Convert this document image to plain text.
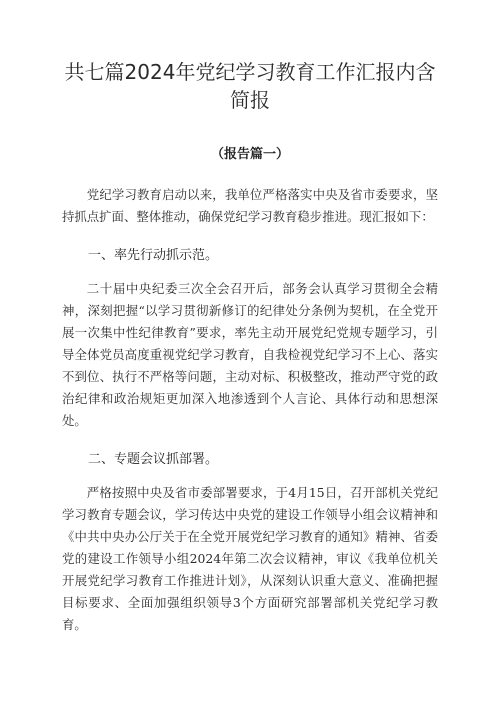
共七篇2024年党纪学习教育工作汇报内含
简报
（报告篇一）

党纪学习教育启动以来，我单位严格落实中央及省市委要求，坚持抓点扩面、整体推动，确保党纪学习教育稳步推进。现汇报如下：

一、率先行动抓示范。

二十届中央纪委三次全会召开后，部务会认真学习贯彻全会精神，深刻把握“以学习贯彻新修订的纪律处分条例为契机，在全党开展一次集中性纪律教育”要求，率先主动开展党纪党规专题学习，引导全体党员高度重视党纪学习教育，自我检视党纪学习不上心、落实不到位、执行不严格等问题，主动对标、积极整改，推动严守党的政治纪律和政治规矩更加深入地渗透到个人言论、具体行动和思想深处。

二、专题会议抓部署。

严格按照中央及省市委部署要求，于4月15日，召开部机关党纪学习教育专题会议，学习传达中央党的建设工作领导小组会议精神和《中共中央办公厅关于在全党开展党纪学习教育的通知》精神、省委党的建设工作领导小组2024年第二次会议精神，审议《我单位机关开展党纪学习教育工作推进计划》，从深刻认识重大意义、准确把握目标要求、全面加强组织领导3个方面研究部署部机关党纪学习教育。
